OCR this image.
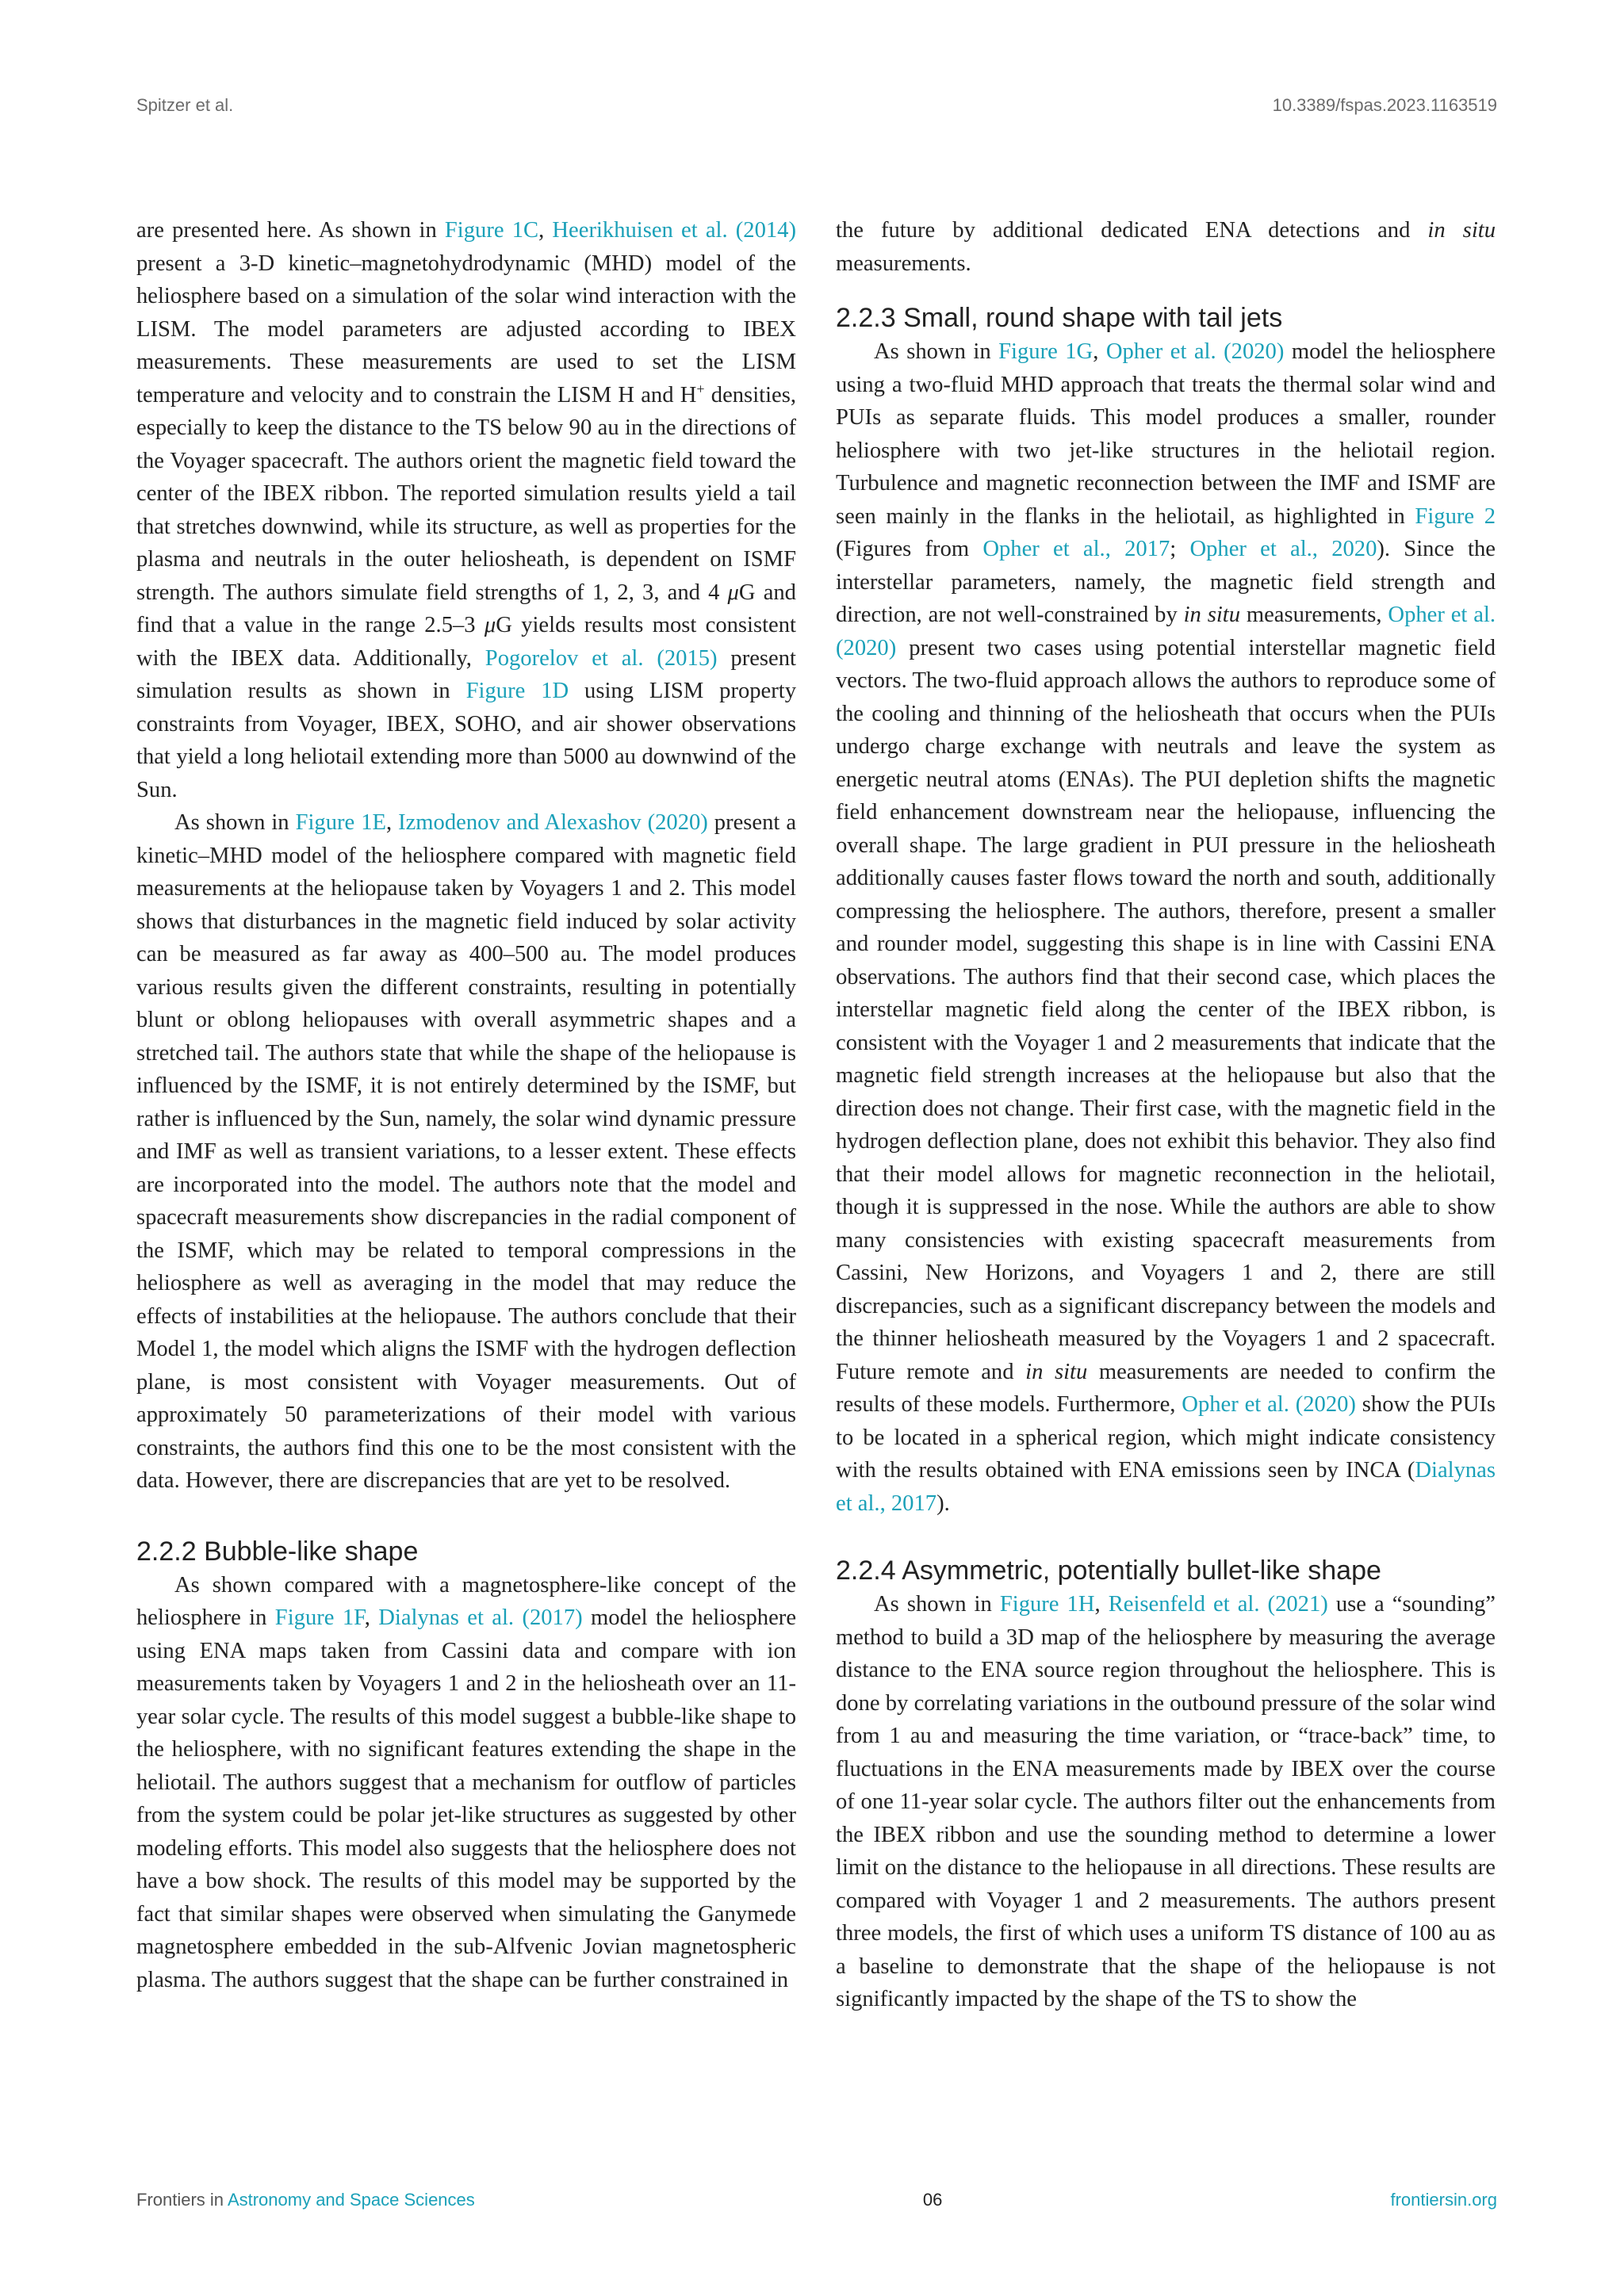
Spitzer et al.	10.3389/fspas.2023.1163519

are presented here. As shown in Figure 1C, Heerikhuisen et al. (2014) present a 3-D kinetic–magnetohydrodynamic (MHD) model of the heliosphere based on a simulation of the solar wind interaction with the LISM. The model parameters are adjusted according to IBEX measurements. These measurements are used to set the LISM temperature and velocity and to constrain the LISM H and H+ densities, especially to keep the distance to the TS below 90 au in the directions of the Voyager spacecraft. The authors orient the magnetic field toward the center of the IBEX ribbon. The reported simulation results yield a tail that stretches downwind, while its structure, as well as properties for the plasma and neutrals in the outer heliosheath, is dependent on ISMF strength. The authors simulate field strengths of 1, 2, 3, and 4 μG and find that a value in the range 2.5–3 μG yields results most consistent with the IBEX data. Additionally, Pogorelov et al. (2015) present simulation results as shown in Figure 1D using LISM property constraints from Voyager, IBEX, SOHO, and air shower observations that yield a long heliotail extending more than 5000 au downwind of the Sun.

As shown in Figure 1E, Izmodenov and Alexashov (2020) present a kinetic–MHD model of the heliosphere compared with magnetic field measurements at the heliopause taken by Voyagers 1 and 2. This model shows that disturbances in the magnetic field induced by solar activity can be measured as far away as 400–500 au. The model produces various results given the different constraints, resulting in potentially blunt or oblong heliopauses with overall asymmetric shapes and a stretched tail. The authors state that while the shape of the heliopause is influenced by the ISMF, it is not entirely determined by the ISMF, but rather is influenced by the Sun, namely, the solar wind dynamic pressure and IMF as well as transient variations, to a lesser extent. These effects are incorporated into the model. The authors note that the model and spacecraft measurements show discrepancies in the radial component of the ISMF, which may be related to temporal compressions in the heliosphere as well as averaging in the model that may reduce the effects of instabilities at the heliopause. The authors conclude that their Model 1, the model which aligns the ISMF with the hydrogen deflection plane, is most consistent with Voyager measurements. Out of approximately 50 parameterizations of their model with various constraints, the authors find this one to be the most consistent with the data. However, there are discrepancies that are yet to be resolved.

2.2.2 Bubble-like shape

As shown compared with a magnetosphere-like concept of the heliosphere in Figure 1F, Dialynas et al. (2017) model the heliosphere using ENA maps taken from Cassini data and compare with ion measurements taken by Voyagers 1 and 2 in the heliosheath over an 11-year solar cycle. The results of this model suggest a bubble-like shape to the heliosphere, with no significant features extending the shape in the heliotail. The authors suggest that a mechanism for outflow of particles from the system could be polar jet-like structures as suggested by other modeling efforts. This model also suggests that the heliosphere does not have a bow shock. The results of this model may be supported by the fact that similar shapes were observed when simulating the Ganymede magnetosphere embedded in the sub-Alfvenic Jovian magnetospheric plasma. The authors suggest that the shape can be further constrained in

the future by additional dedicated ENA detections and in situ measurements.

2.2.3 Small, round shape with tail jets

As shown in Figure 1G, Opher et al. (2020) model the heliosphere using a two-fluid MHD approach that treats the thermal solar wind and PUIs as separate fluids. This model produces a smaller, rounder heliosphere with two jet-like structures in the heliotail region. Turbulence and magnetic reconnection between the IMF and ISMF are seen mainly in the flanks in the heliotail, as highlighted in Figure 2 (Figures from Opher et al., 2017; Opher et al., 2020). Since the interstellar parameters, namely, the magnetic field strength and direction, are not well-constrained by in situ measurements, Opher et al. (2020) present two cases using potential interstellar magnetic field vectors. The two-fluid approach allows the authors to reproduce some of the cooling and thinning of the heliosheath that occurs when the PUIs undergo charge exchange with neutrals and leave the system as energetic neutral atoms (ENAs). The PUI depletion shifts the magnetic field enhancement downstream near the heliopause, influencing the overall shape. The large gradient in PUI pressure in the heliosheath additionally causes faster flows toward the north and south, additionally compressing the heliosphere. The authors, therefore, present a smaller and rounder model, suggesting this shape is in line with Cassini ENA observations. The authors find that their second case, which places the interstellar magnetic field along the center of the IBEX ribbon, is consistent with the Voyager 1 and 2 measurements that indicate that the magnetic field strength increases at the heliopause but also that the direction does not change. Their first case, with the magnetic field in the hydrogen deflection plane, does not exhibit this behavior. They also find that their model allows for magnetic reconnection in the heliotail, though it is suppressed in the nose. While the authors are able to show many consistencies with existing spacecraft measurements from Cassini, New Horizons, and Voyagers 1 and 2, there are still discrepancies, such as a significant discrepancy between the models and the thinner heliosheath measured by the Voyagers 1 and 2 spacecraft. Future remote and in situ measurements are needed to confirm the results of these models. Furthermore, Opher et al. (2020) show the PUIs to be located in a spherical region, which might indicate consistency with the results obtained with ENA emissions seen by INCA (Dialynas et al., 2017).

2.2.4 Asymmetric, potentially bullet-like shape

As shown in Figure 1H, Reisenfeld et al. (2021) use a “sounding” method to build a 3D map of the heliosphere by measuring the average distance to the ENA source region throughout the heliosphere. This is done by correlating variations in the outbound pressure of the solar wind from 1 au and measuring the time variation, or “trace-back” time, to fluctuations in the ENA measurements made by IBEX over the course of one 11-year solar cycle. The authors filter out the enhancements from the IBEX ribbon and use the sounding method to determine a lower limit on the distance to the heliopause in all directions. These results are compared with Voyager 1 and 2 measurements. The authors present three models, the first of which uses a uniform TS distance of 100 au as a baseline to demonstrate that the shape of the heliopause is not significantly impacted by the shape of the TS to show the

Frontiers in Astronomy and Space Sciences	06	frontiersin.org
